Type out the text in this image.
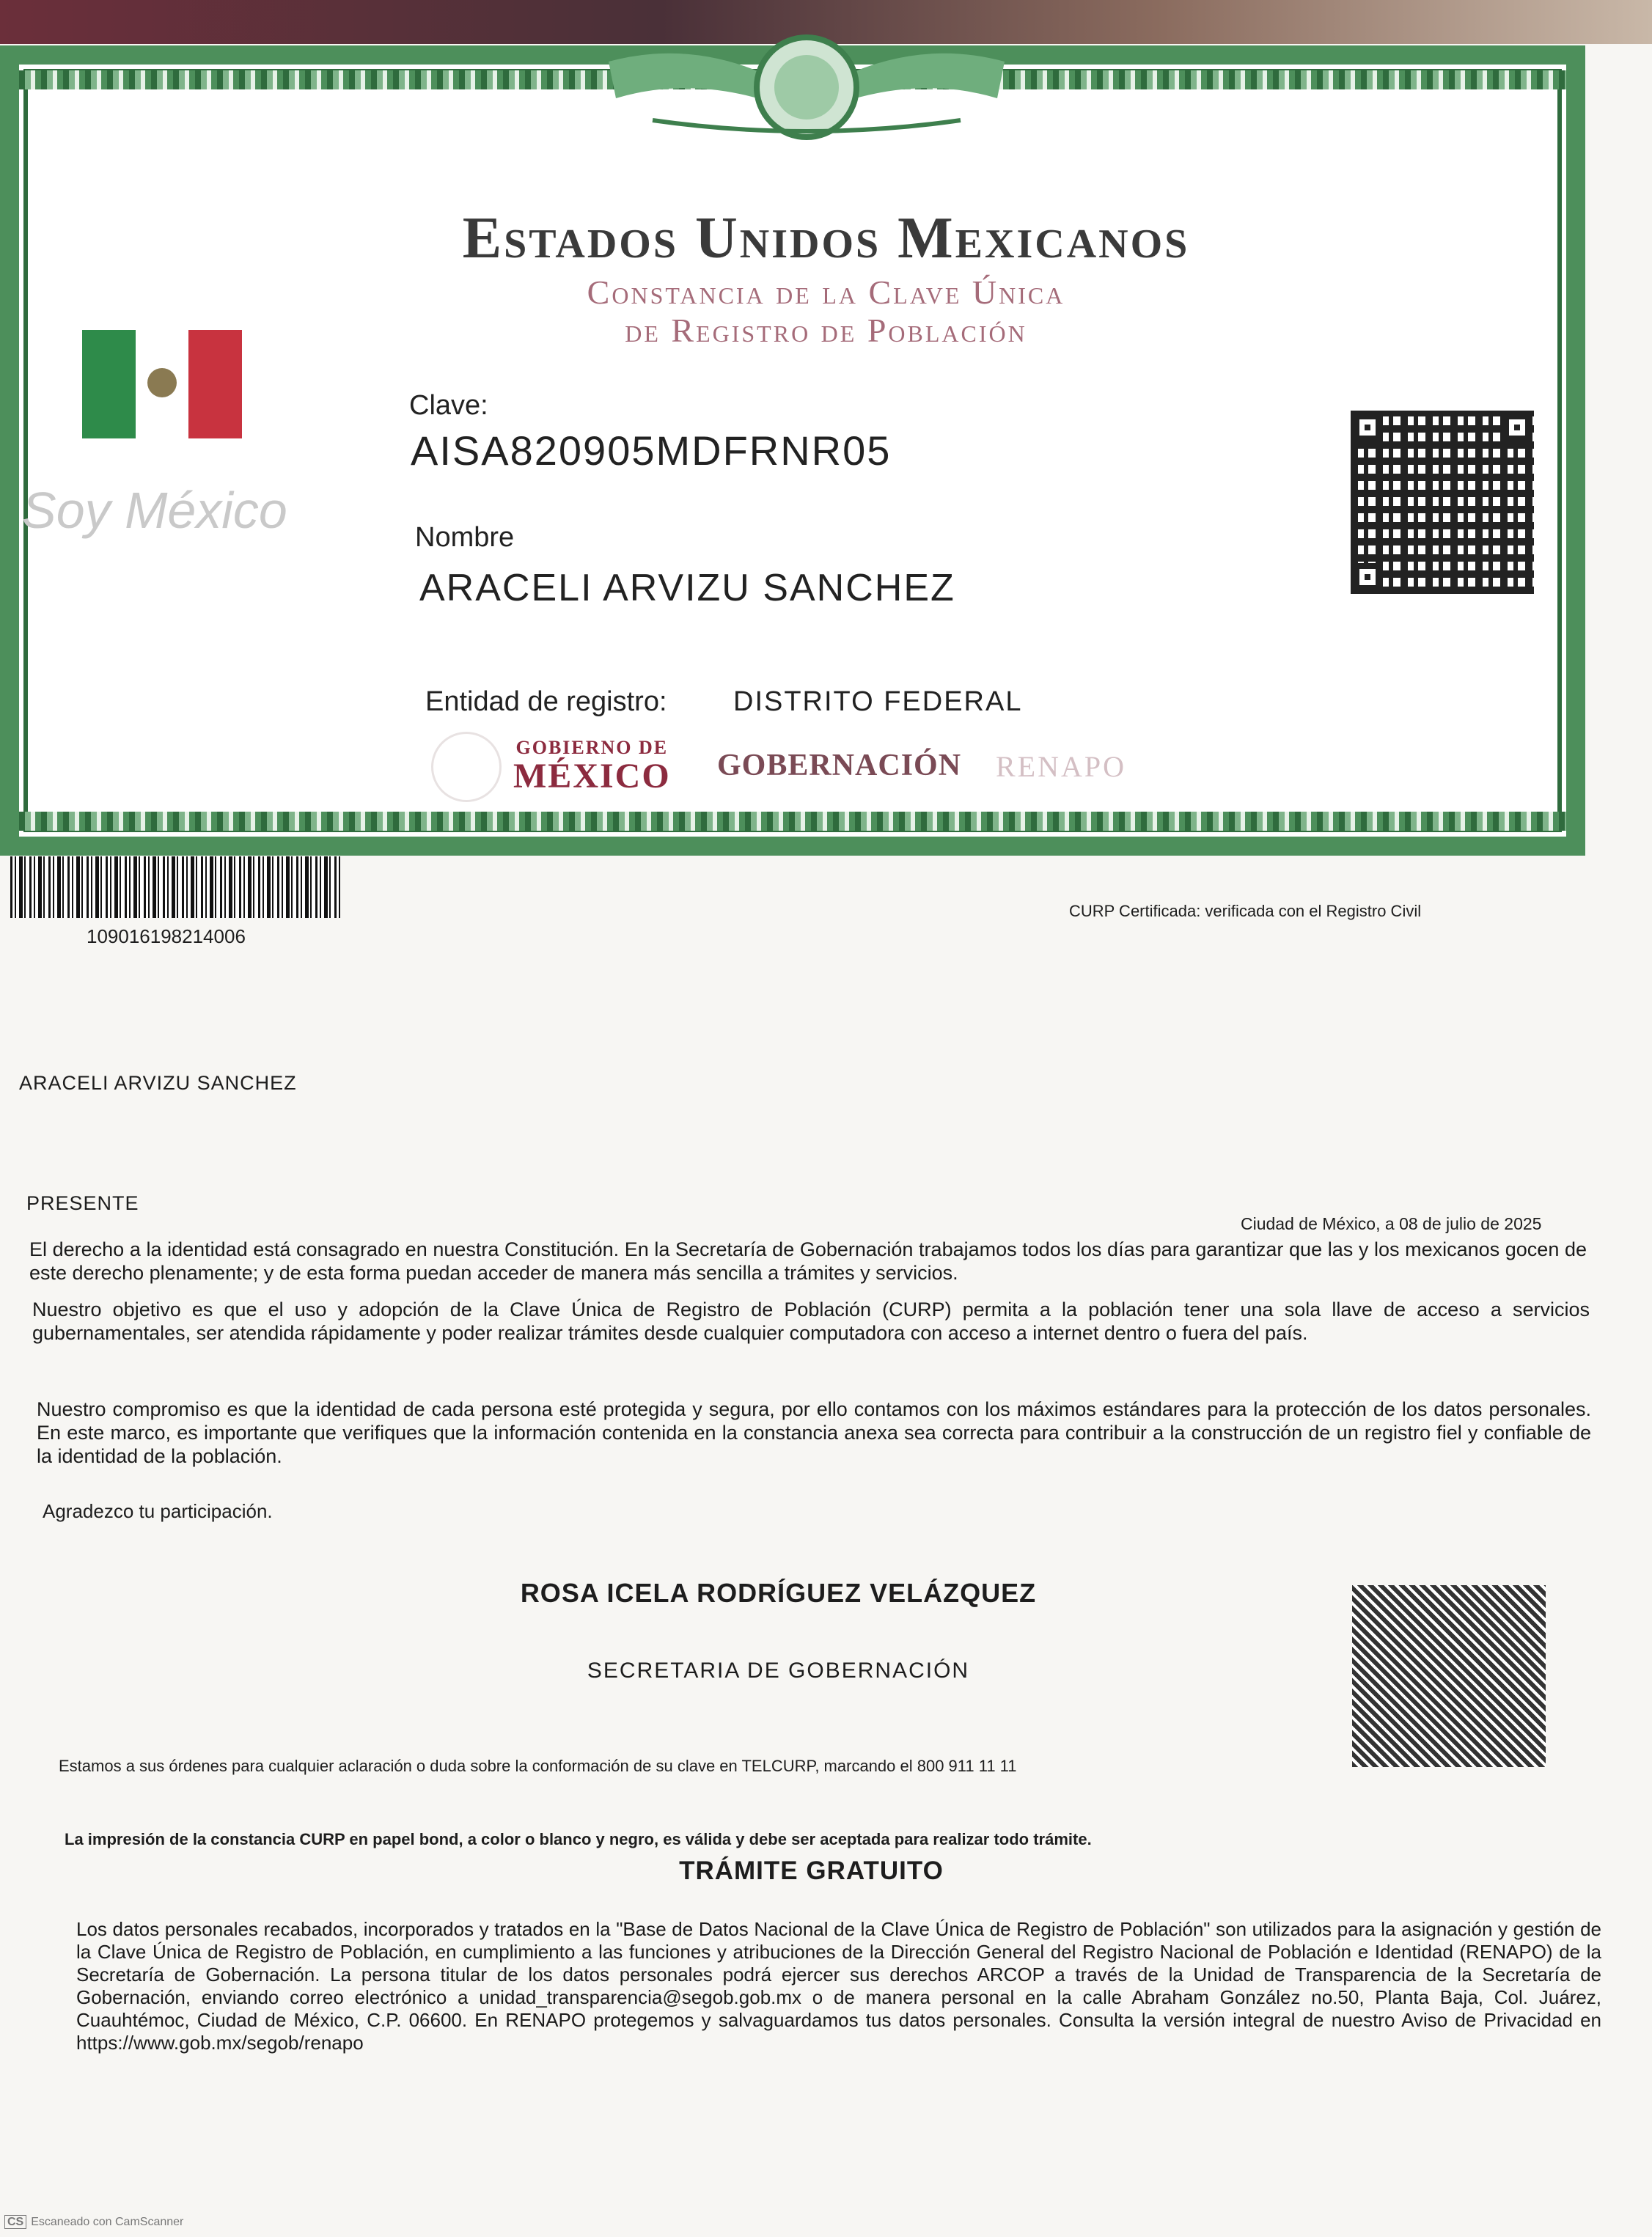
Estados Unidos Mexicanos
Constancia de la Clave Única
de Registro de Población
Soy México
Clave:
AISA820905MDFRNR05
Nombre
ARACELI ARVIZU SANCHEZ
Entidad de registro: DISTRITO FEDERAL
GOBIERNO DE
MÉXICO GOBERNACIÓN RENAPO
109016198214006
CURP Certificada: verificada con el Registro Civil
ARACELI ARVIZU SANCHEZ
PRESENTE
Ciudad de México, a 08 de julio de 2025
El derecho a la identidad está consagrado en nuestra Constitución. En la Secretaría de Gobernación trabajamos todos los días para garantizar que las y los mexicanos gocen de este derecho plenamente; y de esta forma puedan acceder de manera más sencilla a trámites y servicios.
Nuestro objetivo es que el uso y adopción de la Clave Única de Registro de Población (CURP) permita a la población tener una sola llave de acceso a servicios gubernamentales, ser atendida rápidamente y poder realizar trámites desde cualquier computadora con acceso a internet dentro o fuera del país.
Nuestro compromiso es que la identidad de cada persona esté protegida y segura, por ello contamos con los máximos estándares para la protección de los datos personales. En este marco, es importante que verifiques que la información contenida en la constancia anexa sea correcta para contribuir a la construcción de un registro fiel y confiable de la identidad de la población.
Agradezco tu participación.
ROSA ICELA RODRÍGUEZ VELÁZQUEZ
SECRETARIA DE GOBERNACIÓN
Estamos a sus órdenes para cualquier aclaración o duda sobre la conformación de su clave en TELCURP, marcando el 800 911 11 11
La impresión de la constancia CURP en papel bond, a color o blanco y negro, es válida y debe ser aceptada para realizar todo trámite.
TRÁMITE GRATUITO
Los datos personales recabados, incorporados y tratados en la "Base de Datos Nacional de la Clave Única de Registro de Población" son utilizados para la asignación y gestión de la Clave Única de Registro de Población, en cumplimiento a las funciones y atribuciones de la Dirección General del Registro Nacional de Población e Identidad (RENAPO) de la Secretaría de Gobernación. La persona titular de los datos personales podrá ejercer sus derechos ARCOP a través de la Unidad de Transparencia de la Secretaría de Gobernación, enviando correo electrónico a unidad_transparencia@segob.gob.mx o de manera personal en la calle Abraham González no.50, Planta Baja, Col. Juárez, Cuauhtémoc, Ciudad de México, C.P. 06600. En RENAPO protegemos y salvaguardamos tus datos personales. Consulta la versión integral de nuestro Aviso de Privacidad en https://www.gob.mx/segob/renapo
CS Escaneado con CamScanner
